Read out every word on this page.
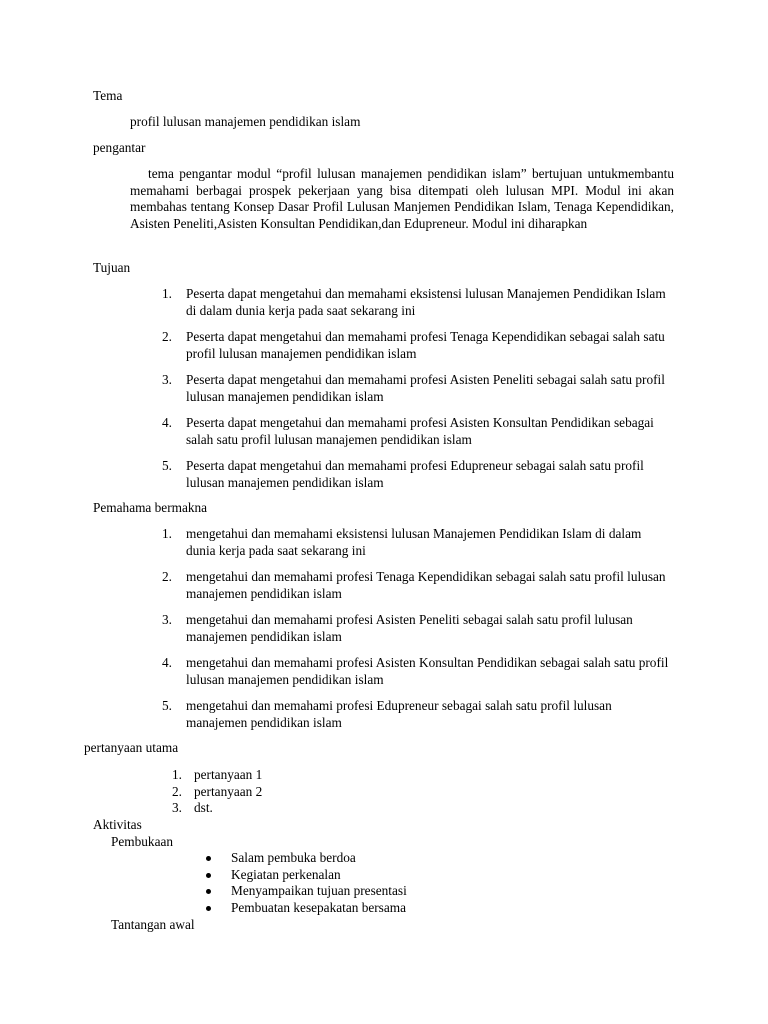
Tema

profil lulusan manajemen pendidikan islam

pengantar

tema pengantar modul “profil lulusan manajemen pendidikan islam” bertujuan untukmembantu memahami berbagai prospek pekerjaan yang bisa ditempati oleh lulusan MPI. Modul ini akan membahas tentang Konsep Dasar Profil Lulusan Manjemen Pendidikan Islam, Tenaga Kependidikan, Asisten Peneliti,Asisten Konsultan Pendidikan,dan Edupreneur. Modul ini diharapkan

Tujuan

1. Peserta dapat mengetahui dan memahami eksistensi lulusan Manajemen Pendidikan Islam di dalam dunia kerja pada saat sekarang ini
2. Peserta dapat mengetahui dan memahami profesi Tenaga Kependidikan sebagai salah satu profil lulusan manajemen pendidikan islam
3. Peserta dapat mengetahui dan memahami profesi Asisten Peneliti sebagai salah satu profil lulusan manajemen pendidikan islam
4. Peserta dapat mengetahui dan memahami profesi Asisten Konsultan Pendidikan sebagai salah satu profil lulusan manajemen pendidikan islam
5. Peserta dapat mengetahui dan memahami profesi Edupreneur sebagai salah satu profil lulusan manajemen pendidikan islam

Pemahama bermakna

1. mengetahui dan memahami eksistensi lulusan Manajemen Pendidikan Islam di dalam dunia kerja pada saat sekarang ini
2. mengetahui dan memahami profesi Tenaga Kependidikan sebagai salah satu profil lulusan manajemen pendidikan islam
3. mengetahui dan memahami profesi Asisten Peneliti sebagai salah satu profil lulusan manajemen pendidikan islam
4. mengetahui dan memahami profesi Asisten Konsultan Pendidikan sebagai salah satu profil lulusan manajemen pendidikan islam
5. mengetahui dan memahami profesi Edupreneur sebagai salah satu profil lulusan manajemen pendidikan islam

pertanyaan utama

1. pertanyaan 1
2. pertanyaan 2
3. dst.

Aktivitas

Pembukaan

Salam pembuka berdoa
Kegiatan perkenalan
Menyampaikan tujuan presentasi
Pembuatan kesepakatan bersama

Tantangan awal
